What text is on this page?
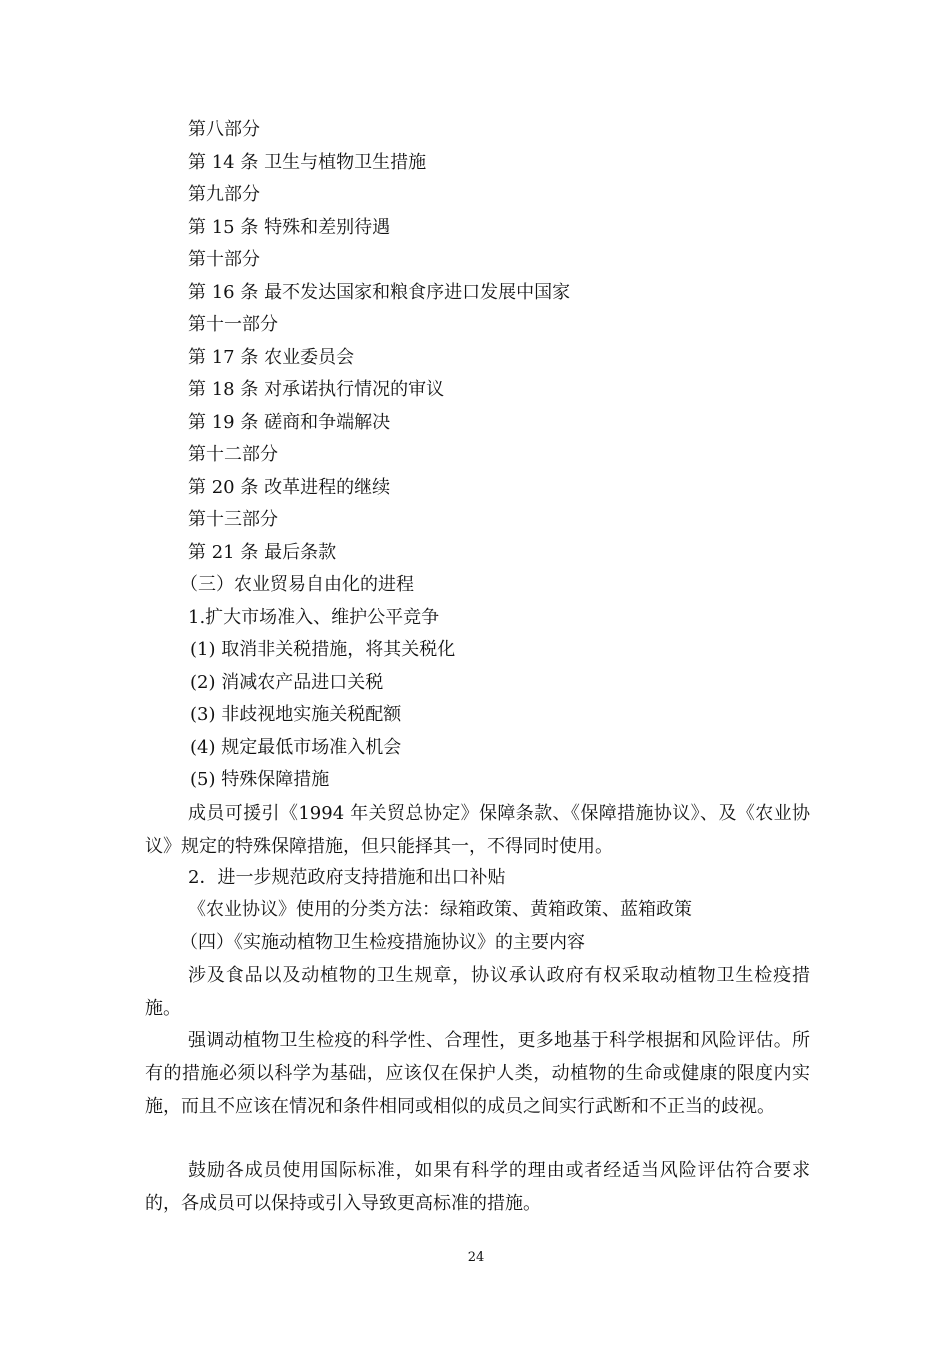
第八部分
第 14 条 卫生与植物卫生措施
第九部分
第 15 条 特殊和差别待遇
第十部分
第 16 条 最不发达国家和粮食序进口发展中国家
第十一部分
第 17 条 农业委员会
第 18 条 对承诺执行情况的审议
第 19 条 磋商和争端解决
第十二部分
第 20 条 改革进程的继续
第十三部分
第 21 条 最后条款
（三）农业贸易自由化的进程
1.扩大市场准入、维护公平竞争
(1) 取消非关税措施，将其关税化
(2) 消减农产品进口关税
(3) 非歧视地实施关税配额
(4) 规定最低市场准入机会
(5) 特殊保障措施
成员可援引《1994 年关贸总协定》保障条款、《保障措施协议》、及《农业协议》规定的特殊保障措施，但只能择其一，不得同时使用。
2．进一步规范政府支持措施和出口补贴
《农业协议》使用的分类方法：绿箱政策、黄箱政策、蓝箱政策
（四）《实施动植物卫生检疫措施协议》的主要内容
涉及食品以及动植物的卫生规章，协议承认政府有权采取动植物卫生检疫措施。
强调动植物卫生检疫的科学性、合理性，更多地基于科学根据和风险评估。所有的措施必须以科学为基础，应该仅在保护人类，动植物的生命或健康的限度内实施，而且不应该在情况和条件相同或相似的成员之间实行武断和不正当的歧视。
鼓励各成员使用国际标准，如果有科学的理由或者经适当风险评估符合要求的，各成员可以保持或引入导致更高标准的措施。
24
